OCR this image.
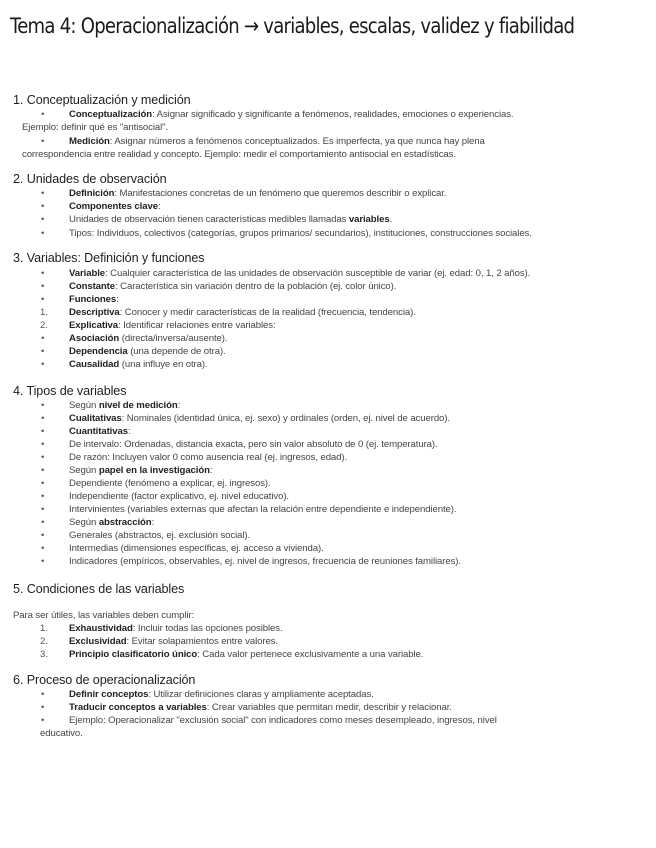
Tema 4: Operacionalización → variables, escalas, validez y fiabilidad
1. Conceptualización y medición
•	Conceptualización: Asignar significado y significante a fenómenos, realidades, emociones o experiencias.
Ejemplo: definir qué es "antisocial".
•	Medición: Asignar números a fenómenos conceptualizados. Es imperfecta, ya que nunca hay plena
correspondencia entre realidad y concepto. Ejemplo: medir el comportamiento antisocial en estadísticas.
2. Unidades de observación
•	Definición: Manifestaciones concretas de un fenómeno que queremos describir o explicar.
•	Componentes clave:
•	Unidades de observación tienen características medibles llamadas variables.
•	Tipos: Individuos, colectivos (categorías, grupos primarios/ secundarios), instituciones, construcciones sociales.
3. Variables: Definición y funciones
•	Variable: Cualquier característica de las unidades de observación susceptible de variar (ej. edad: 0, 1, 2 años).
•	Constante: Característica sin variación dentro de la población (ej. color único).
•	Funciones:
1. Descriptiva: Conocer y medir características de la realidad (frecuencia, tendencia).
2. Explicativa: Identificar relaciones entre variables:
•	Asociación (directa/inversa/ausente).
•	Dependencia (una depende de otra).
•	Causalidad (una influye en otra).
4. Tipos de variables
•	Según nivel de medición:
•	Cualitativas: Nominales (identidad única, ej. sexo) y ordinales (orden, ej. nivel de acuerdo).
•	Cuantitativas:
•	De intervalo: Ordenadas, distancia exacta, pero sin valor absoluto de 0 (ej. temperatura).
•	De razón: Incluyen valor 0 como ausencia real (ej. ingresos, edad).
•	Según papel en la investigación:
•	Dependiente (fenómeno a explicar, ej. ingresos).
•	Independiente (factor explicativo, ej. nivel educativo).
•	Intervinientes (variables externas que afectan la relación entre dependiente e independiente).
•	Según abstracción:
•	Generales (abstractos, ej. exclusión social).
•	Intermedias (dimensiones específicas, ej. acceso a vivienda).
•	Indicadores (empíricos, observables, ej. nivel de ingresos, frecuencia de reuniones familiares).
5. Condiciones de las variables
Para ser útiles, las variables deben cumplir:
1. Exhaustividad: Incluir todas las opciones posibles.
2. Exclusividad: Evitar solapamientos entre valores.
3. Principio clasificatorio único: Cada valor pertenece exclusivamente a una variable.
6. Proceso de operacionalización
•	Definir conceptos: Utilizar definiciones claras y ampliamente aceptadas.
•	Traducir conceptos a variables: Crear variables que permitan medir, describir y relacionar.
•	Ejemplo: Operacionalizar "exclusión social" con indicadores como meses desempleado, ingresos, nivel
educativo.
